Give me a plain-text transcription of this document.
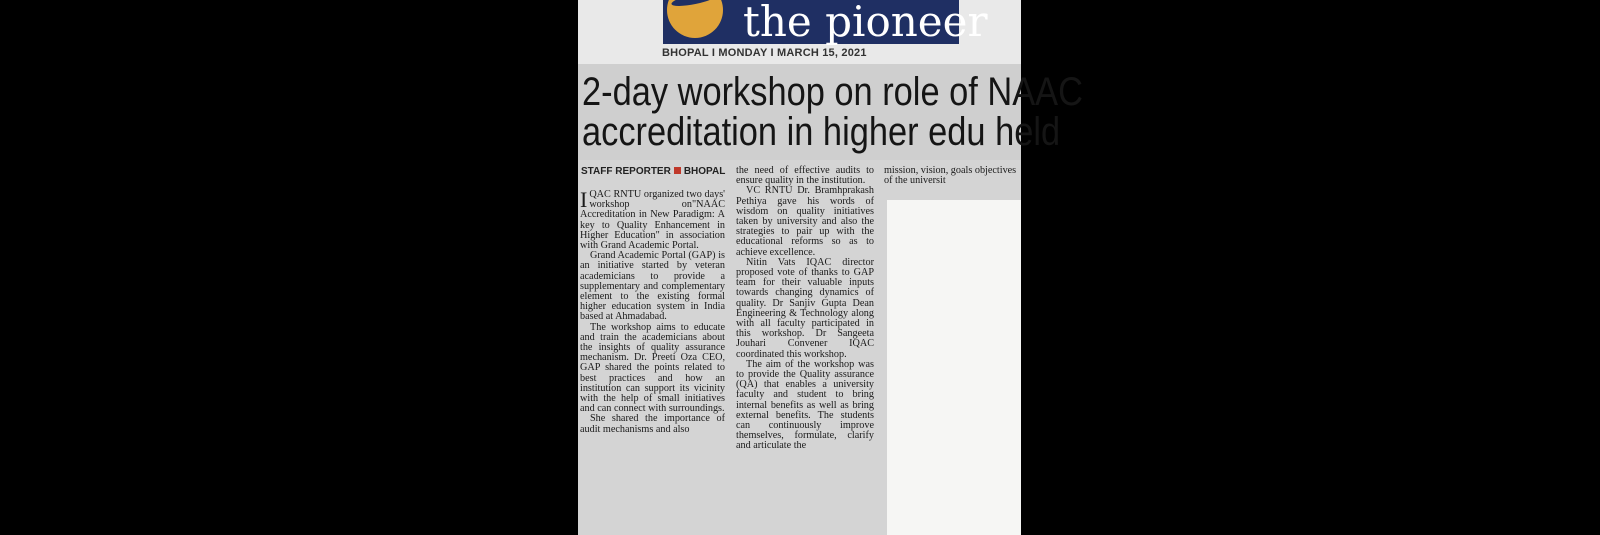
the pioneer
BHOPAL I MONDAY I MARCH 15, 2021
2-day workshop on role of NAAC
accreditation in higher edu held
STAFF REPORTER BHOPAL

IQAC RNTU organized two days' workshop on"NAAC Accreditation in New Paradigm: A key to Quality Enhancement in Higher Education" in association with Grand Academic Portal.

Grand Academic Portal (GAP) is an initiative started by veteran academicians to provide a supplementary and complementary element to the existing formal higher education system in India based at Ahmadabad.

The workshop aims to educate and train the academicians about the insights of quality assurance mechanism. Dr. Preeti Oza CEO, GAP shared the points related to best practices and how an institution can support its vicinity with the help of small initiatives and can connect with surroundings.

She shared the importance of audit mechanisms and also

the need of effective audits to ensure quality in the institution.

VC RNTU Dr. Bramhprakash Pethiya gave his words of wisdom on quality initiatives taken by university and also the strategies to pair up with the educational reforms so as to achieve excellence.

Nitin Vats IQAC director proposed vote of thanks to GAP team for their valuable inputs towards changing dynamics of quality. Dr Sanjiv Gupta Dean Engineering & Technology along with all faculty participated in this workshop. Dr Sangeeta Jouhari Convener IQAC coordinated this workshop.

The aim of the workshop was to provide the Quality assurance (QA) that enables a university faculty and student to bring internal benefits as well as bring external benefits. The students can continuously improve themselves, formulate, clarify and articulate the

mission, vision, goals objectives of the universit
